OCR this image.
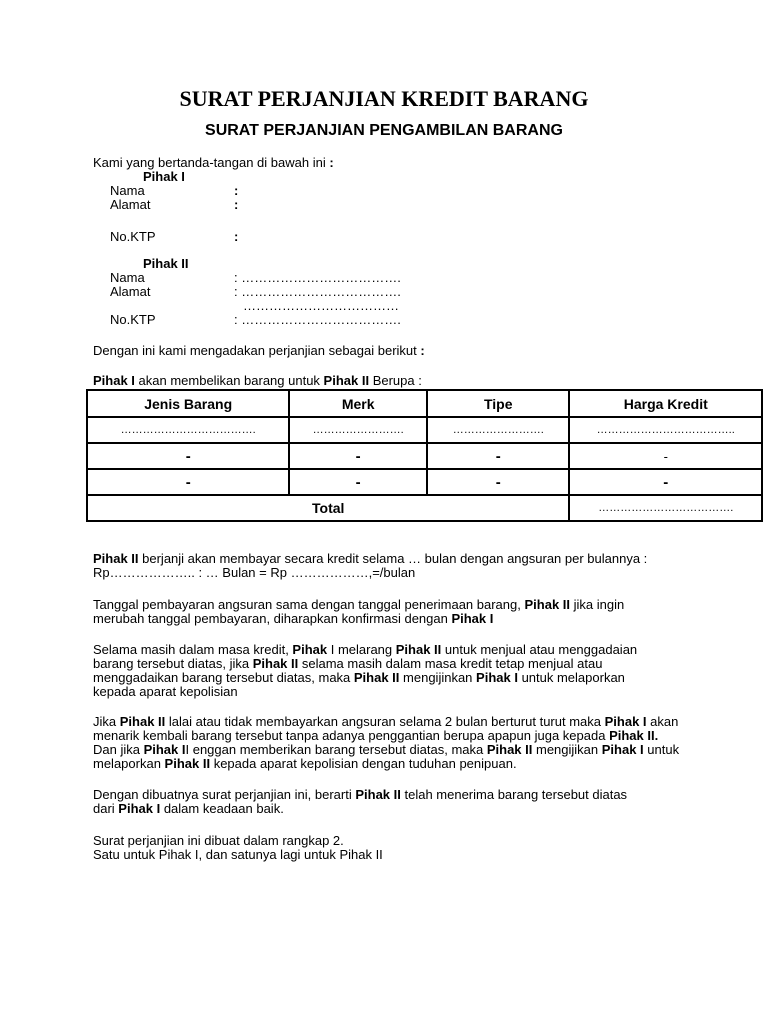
SURAT PERJANJIAN KREDIT BARANG
SURAT PERJANJIAN PENGAMBILAN BARANG
Kami yang bertanda-tangan di bawah ini :
Pihak I
Nama	:
Alamat	:
No.KTP	:
Pihak II
Nama	: ……………………………….
Alamat	: ……………………………….
………………………………
No.KTP	: ……………………………….
Dengan ini kami mengadakan perjanjian sebagai berikut :
Pihak I akan membelikan barang untuk Pihak II Berupa :
Jenis Barang	Merk	Tipe	Harga Kredit
……………………………….	…………………….	…………………….	………………………………..
-	-	-	-
-	-	-	-
Total			……………………………….
Pihak II berjanji akan membayar secara kredit selama … bulan dengan angsuran per bulannya :
Rp……………….. : … Bulan = Rp ………………,=/bulan
Tanggal pembayaran angsuran sama dengan tanggal penerimaan barang, Pihak II jika ingin
merubah tanggal pembayaran, diharapkan konfirmasi dengan Pihak I
Selama masih dalam masa kredit, Pihak I melarang Pihak II untuk menjual atau menggadaian
barang tersebut diatas, jika Pihak II selama masih dalam masa kredit tetap menjual atau
menggadaikan barang tersebut diatas, maka Pihak II mengijinkan Pihak I untuk melaporkan
kepada aparat kepolisian
Jika Pihak II lalai atau tidak membayarkan angsuran selama 2 bulan berturut turut maka Pihak I akan
menarik kembali barang tersebut tanpa adanya penggantian berupa apapun juga kepada Pihak II.
Dan jika Pihak II enggan memberikan barang tersebut diatas, maka Pihak II mengijikan Pihak I untuk
melaporkan Pihak II kepada aparat kepolisian dengan tuduhan penipuan.
Dengan dibuatnya surat perjanjian ini, berarti Pihak II telah menerima barang tersebut diatas
dari Pihak I dalam keadaan baik.
Surat perjanjian ini dibuat dalam rangkap 2.
Satu untuk Pihak I, dan satunya lagi untuk Pihak II
